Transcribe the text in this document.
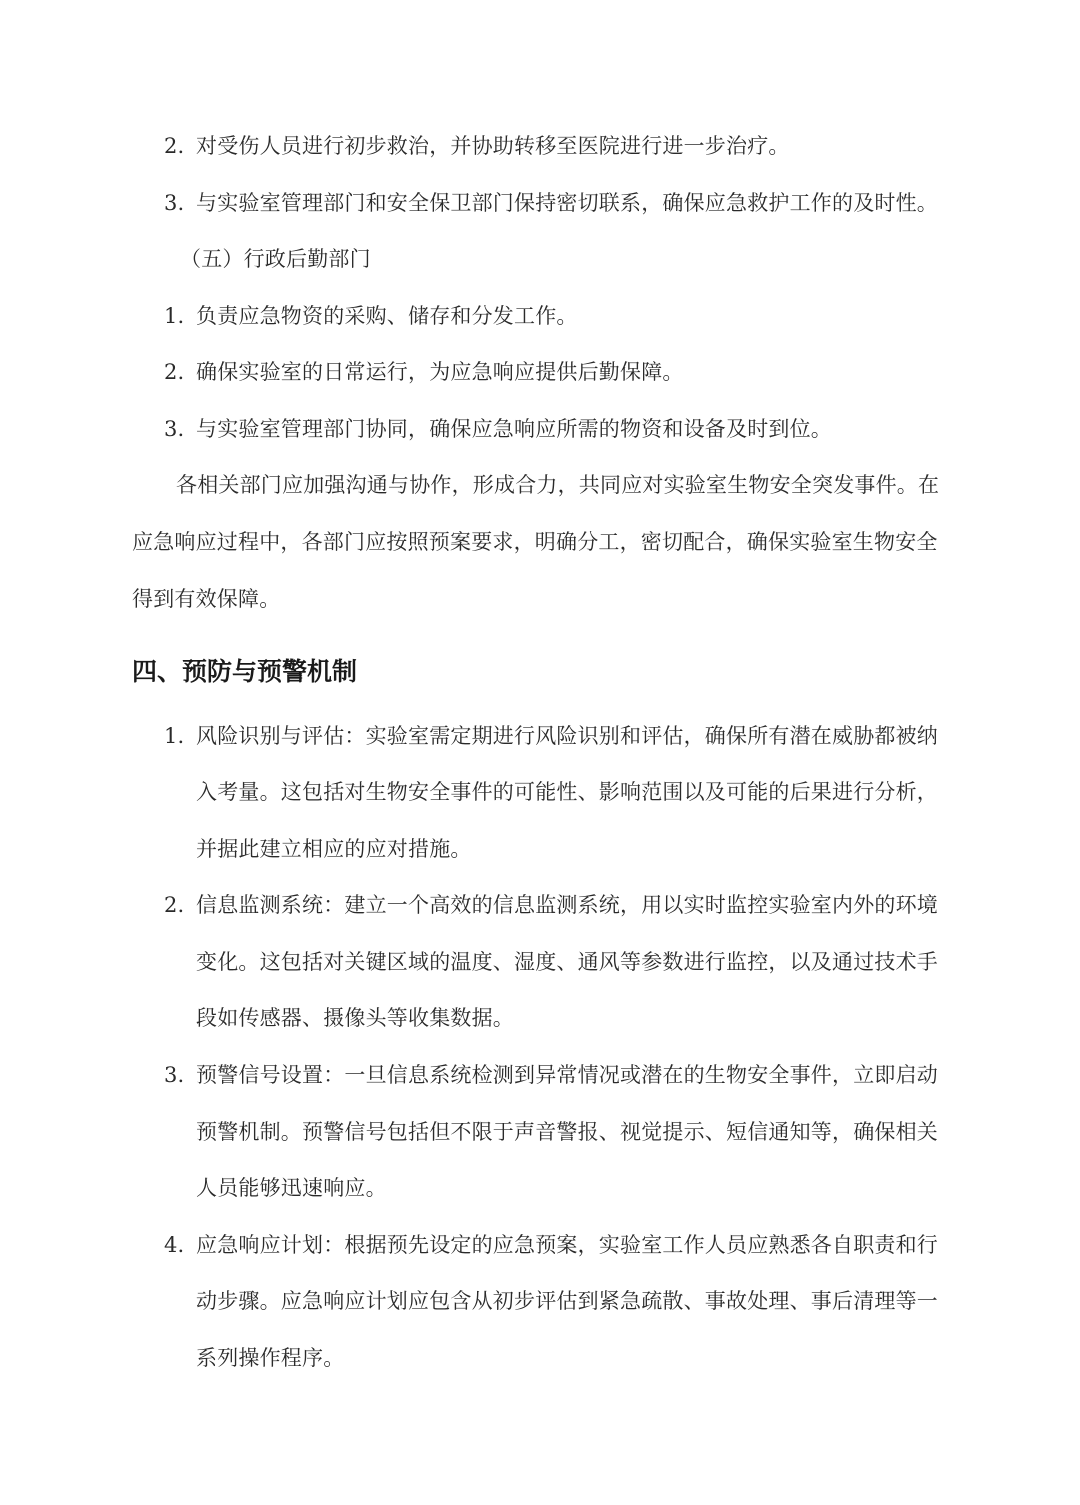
2. 对受伤人员进行初步救治，并协助转移至医院进行进一步治疗。
3. 与实验室管理部门和安全保卫部门保持密切联系，确保应急救护工作的及时性。
（五）行政后勤部门
1. 负责应急物资的采购、储存和分发工作。
2. 确保实验室的日常运行，为应急响应提供后勤保障。
3. 与实验室管理部门协同，确保应急响应所需的物资和设备及时到位。
各相关部门应加强沟通与协作，形成合力，共同应对实验室生物安全突发事件。在
应急响应过程中，各部门应按照预案要求，明确分工，密切配合，确保实验室生物安全
得到有效保障。
四、预防与预警机制
1. 风险识别与评估：实验室需定期进行风险识别和评估，确保所有潜在威胁都被纳
入考量。这包括对生物安全事件的可能性、影响范围以及可能的后果进行分析，
并据此建立相应的应对措施。
2. 信息监测系统：建立一个高效的信息监测系统，用以实时监控实验室内外的环境
变化。这包括对关键区域的温度、湿度、通风等参数进行监控，以及通过技术手
段如传感器、摄像头等收集数据。
3. 预警信号设置：一旦信息系统检测到异常情况或潜在的生物安全事件，立即启动
预警机制。预警信号包括但不限于声音警报、视觉提示、短信通知等，确保相关
人员能够迅速响应。
4. 应急响应计划：根据预先设定的应急预案，实验室工作人员应熟悉各自职责和行
动步骤。应急响应计划应包含从初步评估到紧急疏散、事故处理、事后清理等一
系列操作程序。
